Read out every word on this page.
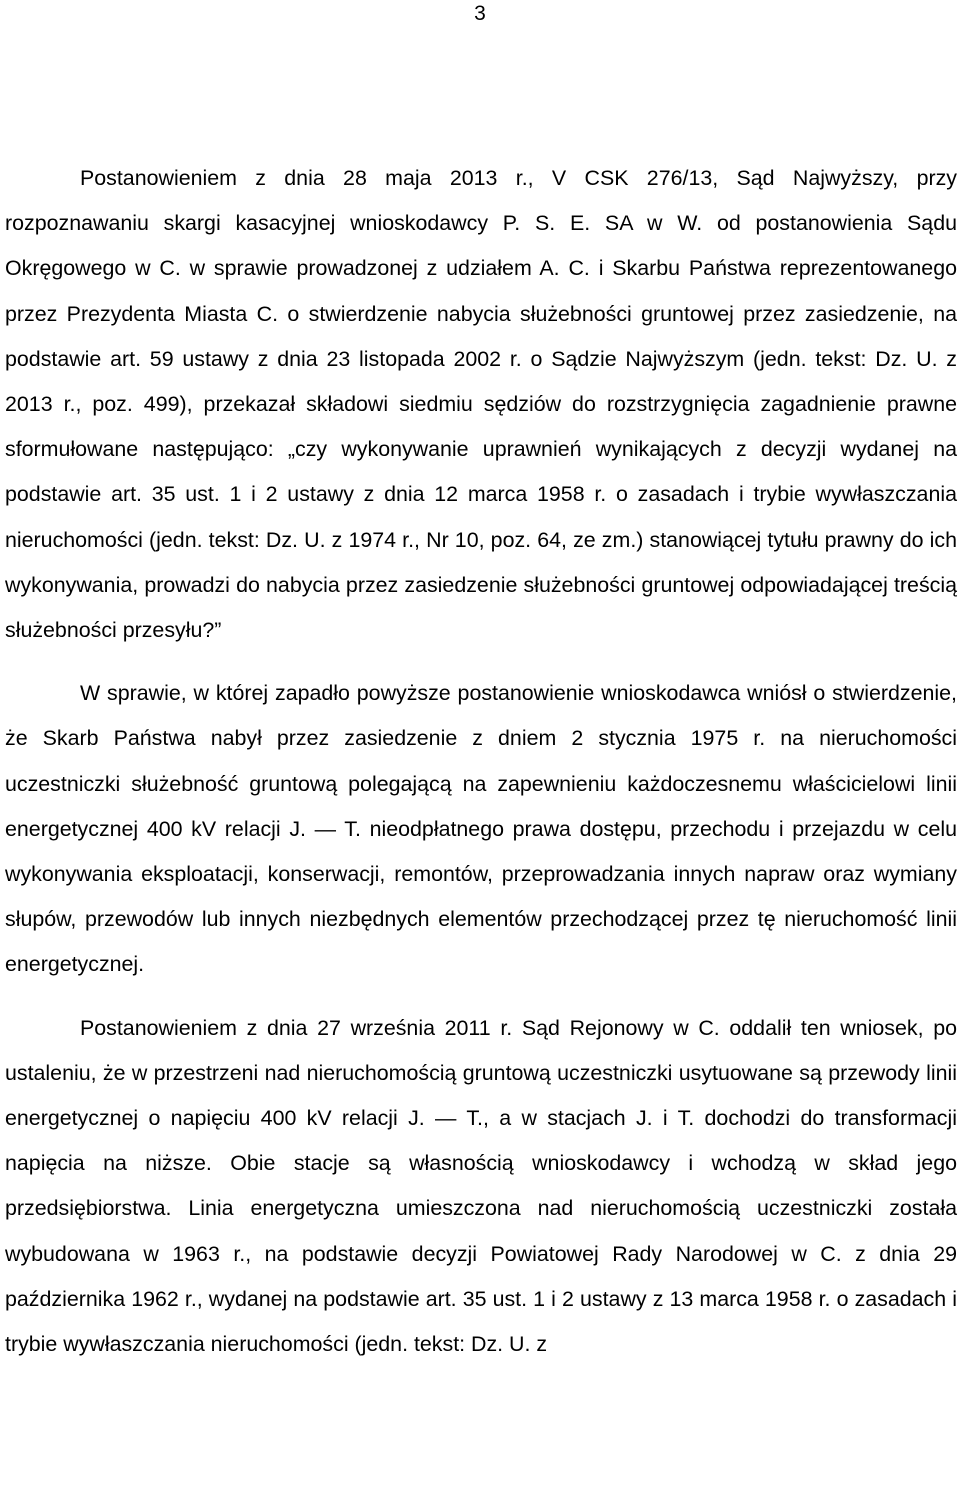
3

Postanowieniem z dnia 28 maja 2013 r., V CSK 276/13, Sąd Najwyższy, przy rozpoznawaniu skargi kasacyjnej wnioskodawcy P. S. E. SA w W. od postanowienia Sądu Okręgowego w C. w sprawie prowadzonej z udziałem A. C. i Skarbu Państwa reprezentowanego przez Prezydenta Miasta C. o stwierdzenie nabycia służebności gruntowej przez zasiedzenie, na podstawie art. 59 ustawy z dnia 23 listopada 2002 r. o Sądzie Najwyższym (jedn. tekst: Dz. U. z 2013 r., poz. 499), przekazał składowi siedmiu sędziów do rozstrzygnięcia zagadnienie prawne sformułowane następująco: „czy wykonywanie uprawnień wynikających z decyzji wydanej na podstawie art. 35 ust. 1 i 2 ustawy z dnia 12 marca 1958 r. o zasadach i trybie wywłaszczania nieruchomości (jedn. tekst: Dz. U. z 1974 r., Nr 10, poz. 64, ze zm.) stanowiącej tytułu prawny do ich wykonywania, prowadzi do nabycia przez zasiedzenie służebności gruntowej odpowiadającej treścią służebności przesyłu?”

W sprawie, w której zapadło powyższe postanowienie wnioskodawca wniósł o stwierdzenie, że Skarb Państwa nabył przez zasiedzenie z dniem 2 stycznia 1975 r. na nieruchomości uczestniczki służebność gruntową polegającą na zapewnieniu każdoczesnemu właścicielowi linii energetycznej 400 kV relacji J. — T. nieodpłatnego prawa dostępu, przechodu i przejazdu w celu wykonywania eksploatacji, konserwacji, remontów, przeprowadzania innych napraw oraz wymiany słupów, przewodów lub innych niezbędnych elementów przechodzącej przez tę nieruchomość linii energetycznej.

Postanowieniem z dnia 27 września 2011 r. Sąd Rejonowy w C. oddalił ten wniosek, po ustaleniu, że w przestrzeni nad nieruchomością gruntową uczestniczki usytuowane są przewody linii energetycznej o napięciu 400 kV relacji J. — T., a w stacjach J. i T. dochodzi do transformacji napięcia na niższe. Obie stacje są własnością wnioskodawcy i wchodzą w skład jego przedsiębiorstwa. Linia energetyczna umieszczona nad nieruchomością uczestniczki została wybudowana w 1963 r., na podstawie decyzji Powiatowej Rady Narodowej w C. z dnia 29 października 1962 r., wydanej na podstawie art. 35 ust. 1 i 2 ustawy z 13 marca 1958 r. o zasadach i trybie wywłaszczania nieruchomości (jedn. tekst: Dz. U. z
